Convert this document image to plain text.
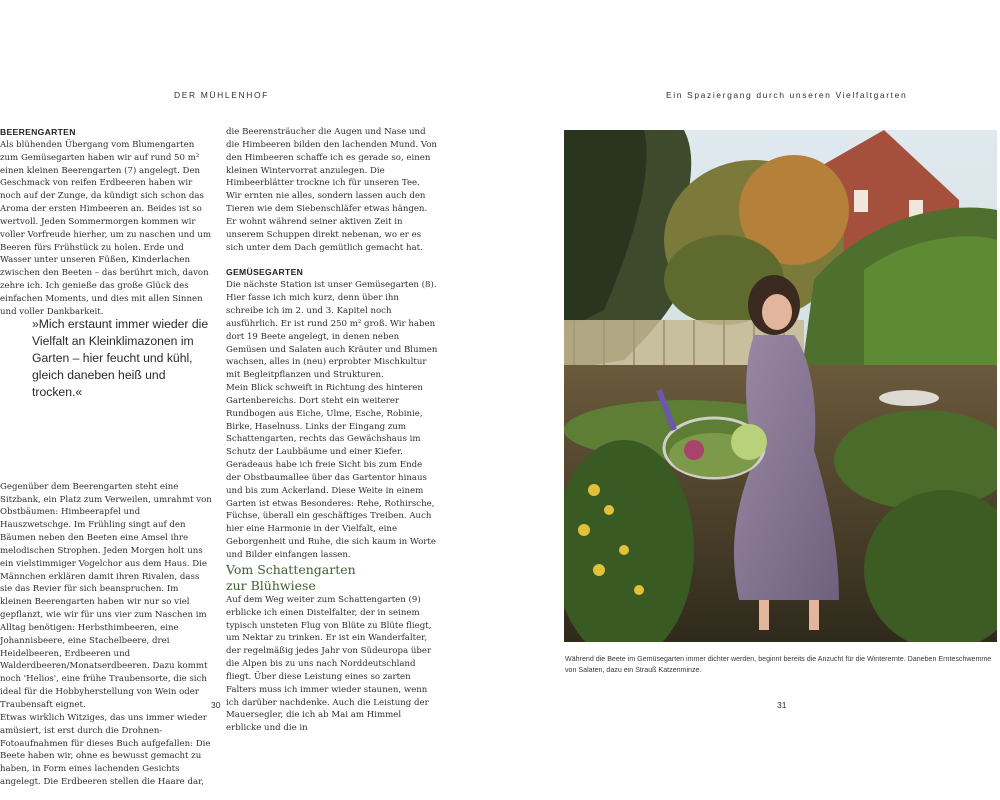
DER MÜHLENHOF	Ein Spaziergang durch unseren Vielfaltgarten

BEERENGARTEN

Als blühenden Übergang vom Blumengarten zum Gemüsegarten haben wir auf rund 50 m² einen kleinen Beerengarten (7) angelegt. Den Geschmack von reifen Erdbeeren haben wir noch auf der Zunge, da kündigt sich schon das Aroma der ersten Himbeeren an. Beides ist so wertvoll. Jeden Sommermorgen kommen wir voller Vorfreude hierher, um zu naschen und um Beeren fürs Frühstück zu holen. Erde und Wasser unter unseren Füßen, Kinderlachen zwischen den Beeten – das berührt mich, davon zehre ich. Ich genieße das große Glück des einfachen Moments, und dies mit allen Sinnen und voller Dankbarkeit.

Gegenüber dem Beerengarten steht eine Sitzbank, ein Platz zum Verweilen, umrahmt von Obstbäumen: Himbeerapfel und Hauszwetschge. Im Frühling singt auf den Bäumen neben den Beeten eine Amsel ihre melodischen Strophen. Jeden Morgen holt uns ein vielstimmiger Vogelchor aus dem Haus. Die Männchen erklären damit ihren Rivalen, dass sie das Revier für sich beanspruchen. Im kleinen Beerengarten haben wir nur so viel gepflanzt, wie wir für uns vier zum Naschen im Alltag benötigen: Herbsthimbeeren, eine Johannisbeere, eine Stachelbeere, drei Heidelbeeren, Erdbeeren und Walderdbeeren/Monatserdbeeren. Dazu kommt noch 'Helios', eine frühe Traubensorte, die sich ideal für die Hobbyherstellung von Wein oder Traubensaft eignet.

Etwas wirklich Witziges, das uns immer wieder amüsiert, ist erst durch die Drohnen-Fotoaufnahmen für dieses Buch aufgefallen: Die Beete haben wir, ohne es bewusst gemacht zu haben, in Form eines lachenden Gesichts angelegt. Die Erdbeeren stellen die Haare dar,

»Mich erstaunt immer wieder die Vielfalt an Kleinklimazonen im Garten – hier feucht und kühl, gleich daneben heiß und trocken.«

die Beerensträucher die Augen und Nase und die Himbeeren bilden den lachenden Mund. Von den Himbeeren schaffe ich es gerade so, einen kleinen Wintervorrat anzulegen. Die Himbeerblätter trockne ich für unseren Tee. Wir ernten nie alles, sondern lassen auch den Tieren wie dem Siebenschläfer etwas hängen. Er wohnt während seiner aktiven Zeit in unserem Schuppen direkt nebenan, wo er es sich unter dem Dach gemütlich gemacht hat.

GEMÜSEGARTEN

Die nächste Station ist unser Gemüsegarten (8). Hier fasse ich mich kurz, denn über ihn schreibe ich im 2. und 3. Kapitel noch ausführlich. Er ist rund 250 m² groß. Wir haben dort 19 Beete angelegt, in denen neben Gemüsen und Salaten auch Kräuter und Blumen wachsen, alles in (neu) erprobter Mischkultur mit Begleitpflanzen und Strukturen.

Mein Blick schweift in Richtung des hinteren Gartenbereichs. Dort steht ein weiterer Rundbogen aus Eiche, Ulme, Esche, Robinie, Birke, Haselnuss. Links der Eingang zum Schattengarten, rechts das Gewächshaus im Schutz der Laubbäume und einer Kiefer. Geradeaus habe ich freie Sicht bis zum Ende der Obstbaumallee über das Gartentor hinaus und bis zum Ackerland. Diese Weite in einem Garten ist etwas Besonderes: Rehe, Rothirsche, Füchse, überall ein geschäftiges Treiben. Auch hier eine Harmonie in der Vielfalt, eine Geborgenheit und Ruhe, die sich kaum in Worte und Bilder einfangen lassen.

Vom Schattengarten zur Blühwiese

Auf dem Weg weiter zum Schattengarten (9) erblicke ich einen Distelfalter, der in seinem typisch unsteten Flug von Blüte zu Blüte fliegt, um Nektar zu trinken. Er ist ein Wanderfalter, der regelmäßig jedes Jahr von Südeuropa über die Alpen bis zu uns nach Norddeutschland fliegt. Über diese Leistung eines so zarten Falters muss ich immer wieder staunen, wenn ich darüber nachdenke. Auch die Leistung der Mauersegler, die ich ab Mai am Himmel erblicke und die in

30
Während die Beete im Gemüsegarten immer dichter werden, beginnt bereits die Anzucht für die Winterernte. Daneben Ernteschwemme von Salaten, dazu ein Strauß Katzenminze.
31
